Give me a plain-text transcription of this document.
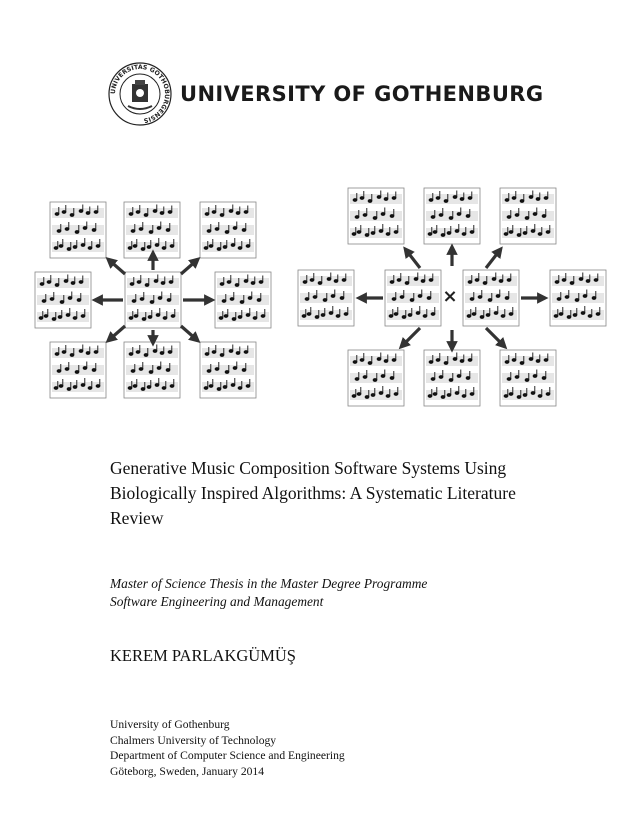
UNIVERSITAS GOTHOBURGENSIS
UNIVERSITY OF GOTHENBURG
×
Generative Music Composition Software Systems Using Biologically Inspired Algorithms: A Systematic Literature Review
Master of Science Thesis in the Master Degree Programme
Software Engineering and Management
KEREM PARLAKGÜMÜŞ
University of Gothenburg
Chalmers University of Technology
Department of Computer Science and Engineering
Göteborg, Sweden, January 2014
